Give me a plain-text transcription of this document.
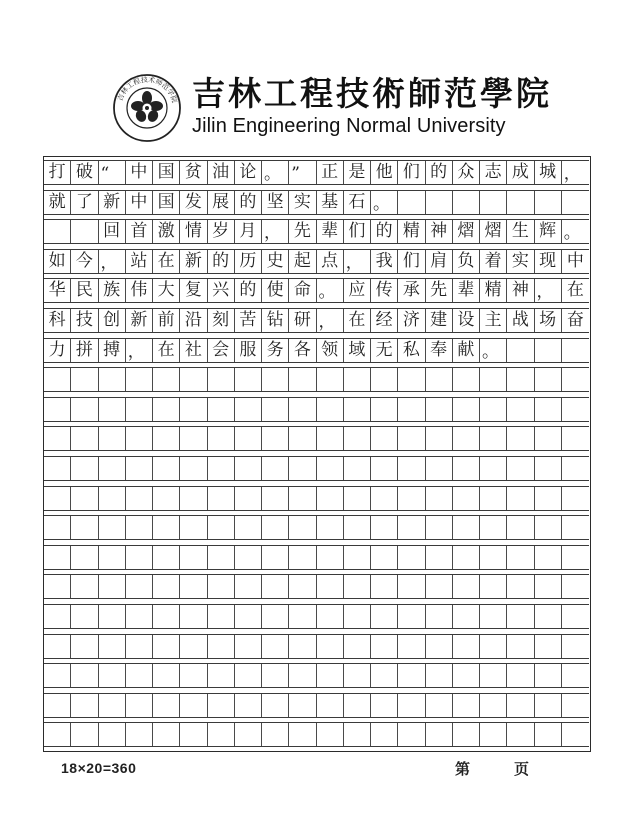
吉林工程技术师范学院 吉林工程技術師范學院
Jilin Engineering Normal University
打 破 “	中 国 贫 油 论 。 ”	正 是 他 们 的 众 志 成 城 ，
就 了 新 中 国 发 展 的 坚 实 基 石 。
回 首 激 情 岁 月 ， 先 辈 们 的 精 神 熠 熠 生 辉 。
如 今 ， 站 在 新 的 历 史 起 点 ， 我 们 肩 负 着 实 现 中
华 民 族 伟 大 复 兴 的 使 命 。 应 传 承 先 辈 精 神 ， 在
科 技 创 新 前 沿 刻 苦 钻 研 ， 在 经 济 建 设 主 战 场 奋
力 拼 搏 ， 在 社 会 服 务 各 领 域 无 私 奉 献 。
18×20=360	第	页
